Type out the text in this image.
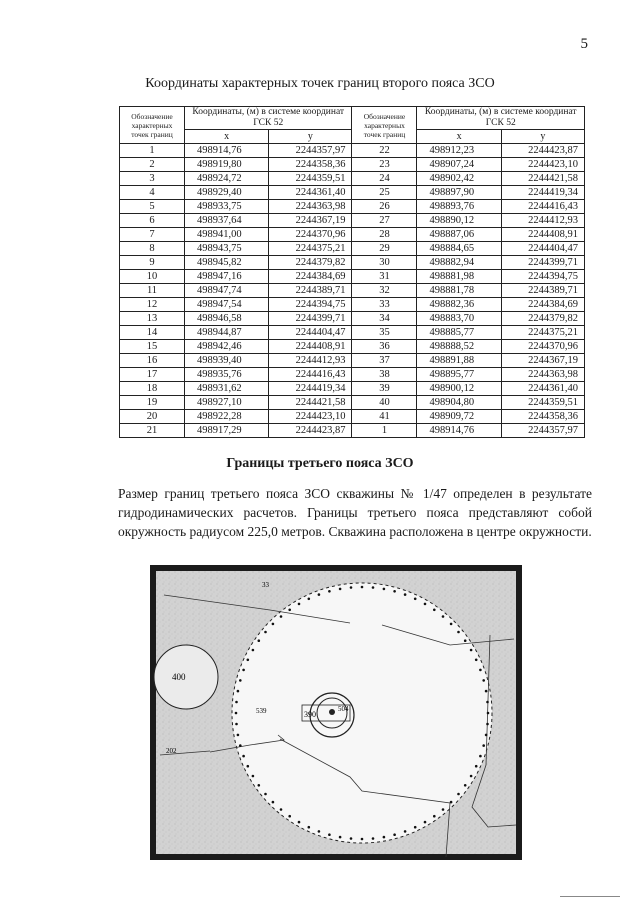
5
Координаты характерных точек границ второго пояса ЗСО
Обозначение характерных точек границ	Координаты, (м) в системе координат ГСК 52		Обозначение характерных точек границ	Координаты, (м) в системе координат ГСК 52	
	x	y		x	y
1	498914,76	2244357,97	22	498912,23	2244423,87
2	498919,80	2244358,36	23	498907,24	2244423,10
3	498924,72	2244359,51	24	498902,42	2244421,58
4	498929,40	2244361,40	25	498897,90	2244419,34
5	498933,75	2244363,98	26	498893,76	2244416,43
6	498937,64	2244367,19	27	498890,12	2244412,93
7	498941,00	2244370,96	28	498887,06	2244408,91
8	498943,75	2244375,21	29	498884,65	2244404,47
9	498945,82	2244379,82	30	498882,94	2244399,71
10	498947,16	2244384,69	31	498881,98	2244394,75
11	498947,74	2244389,71	32	498881,78	2244389,71
12	498947,54	2244394,75	33	498882,36	2244384,69
13	498946,58	2244399,71	34	498883,70	2244379,82
14	498944,87	2244404,47	35	498885,77	2244375,21
15	498942,46	2244408,91	36	498888,52	2244370,96
16	498939,40	2244412,93	37	498891,88	2244367,19
17	498935,76	2244416,43	38	498895,77	2244363,98
18	498931,62	2244419,34	39	498900,12	2244361,40
19	498927,10	2244421,58	40	498904,80	2244359,51
20	498922,28	2244423,10	41	498909,72	2244358,36
21	498917,29	2244423,87	1	498914,76	2244357,97
Границы третьего пояса ЗСО
Размер границ третьего пояса ЗСО скважины № 1/47 определен в результате гидродинамических расчетов. Границы третьего пояса представляют собой окружность радиусом 225,0 метров. Скважина расположена в центре окружности.
400
390
504
539
33
202
